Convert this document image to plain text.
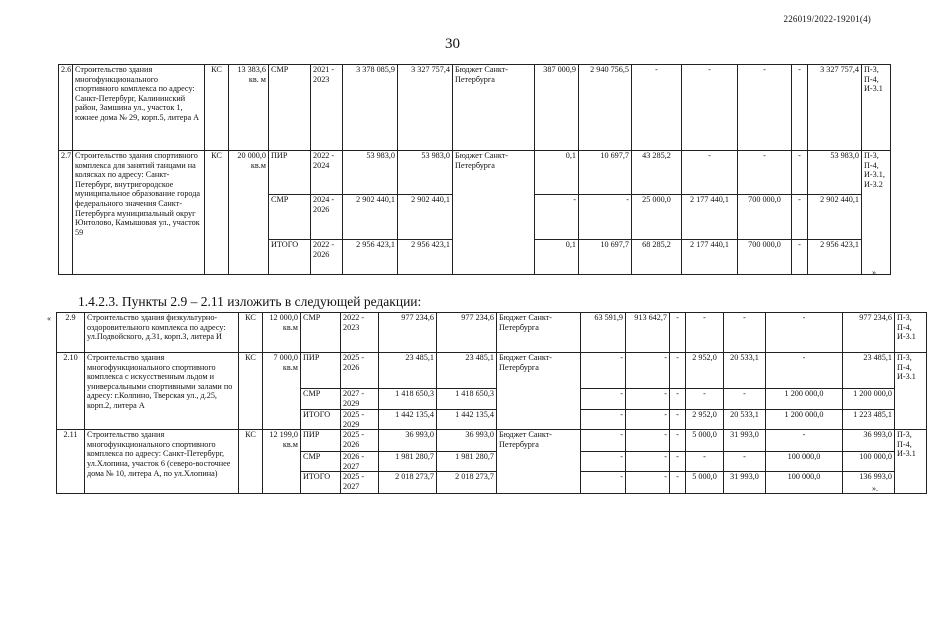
226019/2022-19201(4)
30
2.6	Строительство здания многофункционального спортивного комплекса по адресу: Санкт-Петербург, Калининский район, Замшина ул., участок 1, южнее дома № 29, корп.5, литера А	КС	13 383,6 кв. м	СМР	2021 - 2023	3 378 085,9	3 327 757,4	Бюджет Санкт-Петербурга	387 000,9	2 940 756,5	-	-	-	-	3 327 757,4	П-3, П-4, И-3.1
2.7	Строительство здания спортивного комплекса для занятий танцами на колясках по адресу: Санкт-Петербург, внутригородское муниципальное образование города федерального значения Санкт-Петербурга муниципальный округ Юнтолово, Камышовая ул., участок 59	КС	20 000,0 кв.м	ПИР	2022 - 2024	53 983,0	53 983,0	Бюджет Санкт-Петербурга	0,1	10 697,7	43 285,2	-	-	-	53 983,0	П-3, П-4, И-3.1, И-3.2
				СМР	2024 - 2026	2 902 440,1	2 902 440,1		-	-	25 000,0	2 177 440,1	700 000,0	-	2 902 440,1	
				ИТОГО	2022 - 2026	2 956 423,1	2 956 423,1		0,1	10 697,7	68 285,2	2 177 440,1	700 000,0	-	2 956 423,1	
».
1.4.2.3. Пункты 2.9 – 2.11 изложить в следующей редакции:
« 2.9	Строительство здания физкультурно-оздоровительного комплекса по адресу: ул.Подвойского, д.31, корп.3, литера И	КС	12 000,0 кв.м	СМР	2022 - 2023	977 234,6	977 234,6	Бюджет Санкт-Петербурга	63 591,9	913 642,7	-	-	-	-	977 234,6	П-3, П-4, И-3.1
2.10	Строительство здания многофункционального спортивного комплекса с искусственным льдом и универсальными спортивными залами по адресу: г.Колпино, Тверская ул., д.25, корп.2, литера А	КС	7 000,0 кв.м	ПИР	2025 - 2026	23 485,1	23 485,1	Бюджет Санкт-Петербурга	-	-	-	2 952,0	20 533,1	-	23 485,1	П-3, П-4, И-3.1
				СМР	2027 - 2029	1 418 650,3	1 418 650,3		-	-	-	-	-	1 200 000,0	1 200 000,0	
				ИТОГО	2025 - 2029	1 442 135,4	1 442 135,4		-	-	-	2 952,0	20 533,1	1 200 000,0	1 223 485,1	
2.11	Строительство здания многофункционального спортивного комплекса по адресу: Санкт-Петербург, ул.Хлопина, участок 6 (северо-восточнее дома № 10, литера А, по ул.Хлопина)	КС	12 199,0 кв.м	ПИР	2025 - 2026	36 993,0	36 993,0	Бюджет Санкт-Петербурга	-	-	-	5 000,0	31 993,0	-	36 993,0	П-3, П-4, И-3.1
				СМР	2026 - 2027	1 981 280,7	1 981 280,7		-	-	-	-	-	100 000,0	100 000,0	
				ИТОГО	2025 - 2027	2 018 273,7	2 018 273,7		-	-	-	5 000,0	31 993,0	100 000,0	136 993,0	
».
